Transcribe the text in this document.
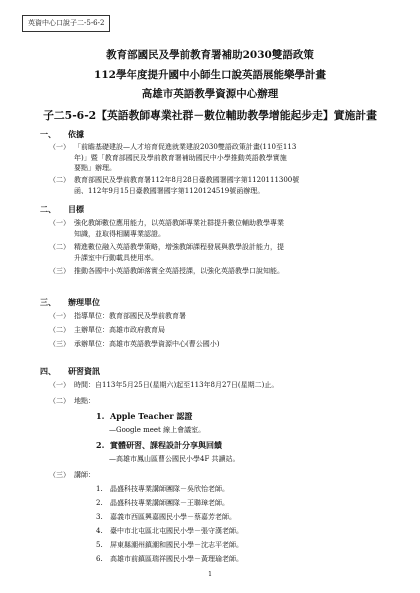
英資中心口說子二-5-6-2
教育部國民及學前教育署補助2030雙語政策
112學年度提升國中小師生口說英語展能樂學計畫
高雄市英語教學資源中心辦理
子二5-6-2【英語教師專業社群－數位輔助教學增能起步走】實施計畫
一、 依據
（一） 「前瞻基礎建設—人才培育促進就業建設2030雙語政策計畫(110至113
年)」暨「教育部國民及學前教育署補助國民中小學推動英語教學實施
要點」辦理。
（二） 教育部國民及學前教育署112年8月28日臺教國署國字第1120111300號
函、112年9月15日臺教國署國字第1120124519號函辦理。
二、 目標
（一） 強化教師數位應用能力，以英語教師專業社群提升數位輔助教學專業
知識，並取得相關專業認證。
（二） 精進數位融入英語教學策略，增強教師課程發展與教學設計能力，提
升課室中行動載具使用率。
（三） 推動各國中小英語教師落實全英語授課，以強化英語教學口說知能。
三、 辦理單位
（一） 指導單位：教育部國民及學前教育署
（二） 主辦單位：高雄市政府教育局
（三） 承辦單位：高雄市英語教學資源中心(曹公國小)
四、 研習資訊
（一） 時間：自113年5月25日(星期六)起至113年8月27日(星期二)止。
（二） 地點：
1. Apple Teacher 認證
—Google meet 線上會議室。
2. 實體研習、課程設計分享與回饋
—高雄市鳳山區曹公國民小學4F 共讀站。
（三） 講師：
1. 晶盛科技專業講師團隊－吳欣怡老師。
2. 晶盛科技專業講師團隊－王聯璋老師。
3. 嘉義市西區興嘉國民小學－蔡嘉芳老師。
4. 臺中市北屯區北屯國民小學－張守漢老師。
5. 屏東縣潮州鎮潮和國民小學－沈志平老師。
6. 高雄市前鎮區瑞祥國民小學－黃理瑜老師。
1
